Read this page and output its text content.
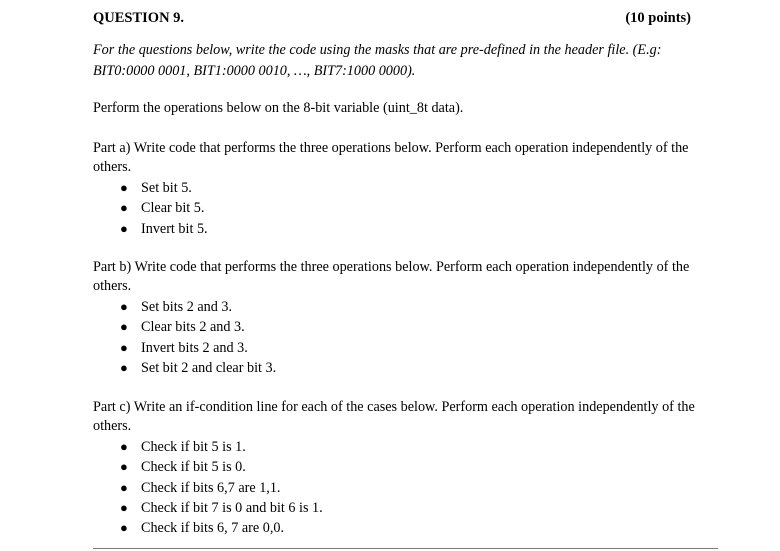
QUESTION 9.	(10 points)
For the questions below, write the code using the masks that are pre-defined in the header file. (E.g:
BIT0:0000 0001, BIT1:0000 0010, …, BIT7:1000 0000).
Perform the operations below on the 8-bit variable (uint_8t data).
Part a) Write code that performs the three operations below. Perform each operation independently of the
others.
● Set bit 5.
● Clear bit 5.
● Invert bit 5.
Part b) Write code that performs the three operations below. Perform each operation independently of the
others.
● Set bits 2 and 3.
● Clear bits 2 and 3.
● Invert bits 2 and 3.
● Set bit 2 and clear bit 3.
Part c) Write an if-condition line for each of the cases below. Perform each operation independently of the
others.
● Check if bit 5 is 1.
● Check if bit 5 is 0.
● Check if bits 6,7 are 1,1.
● Check if bit 7 is 0 and bit 6 is 1.
● Check if bits 6, 7 are 0,0.
